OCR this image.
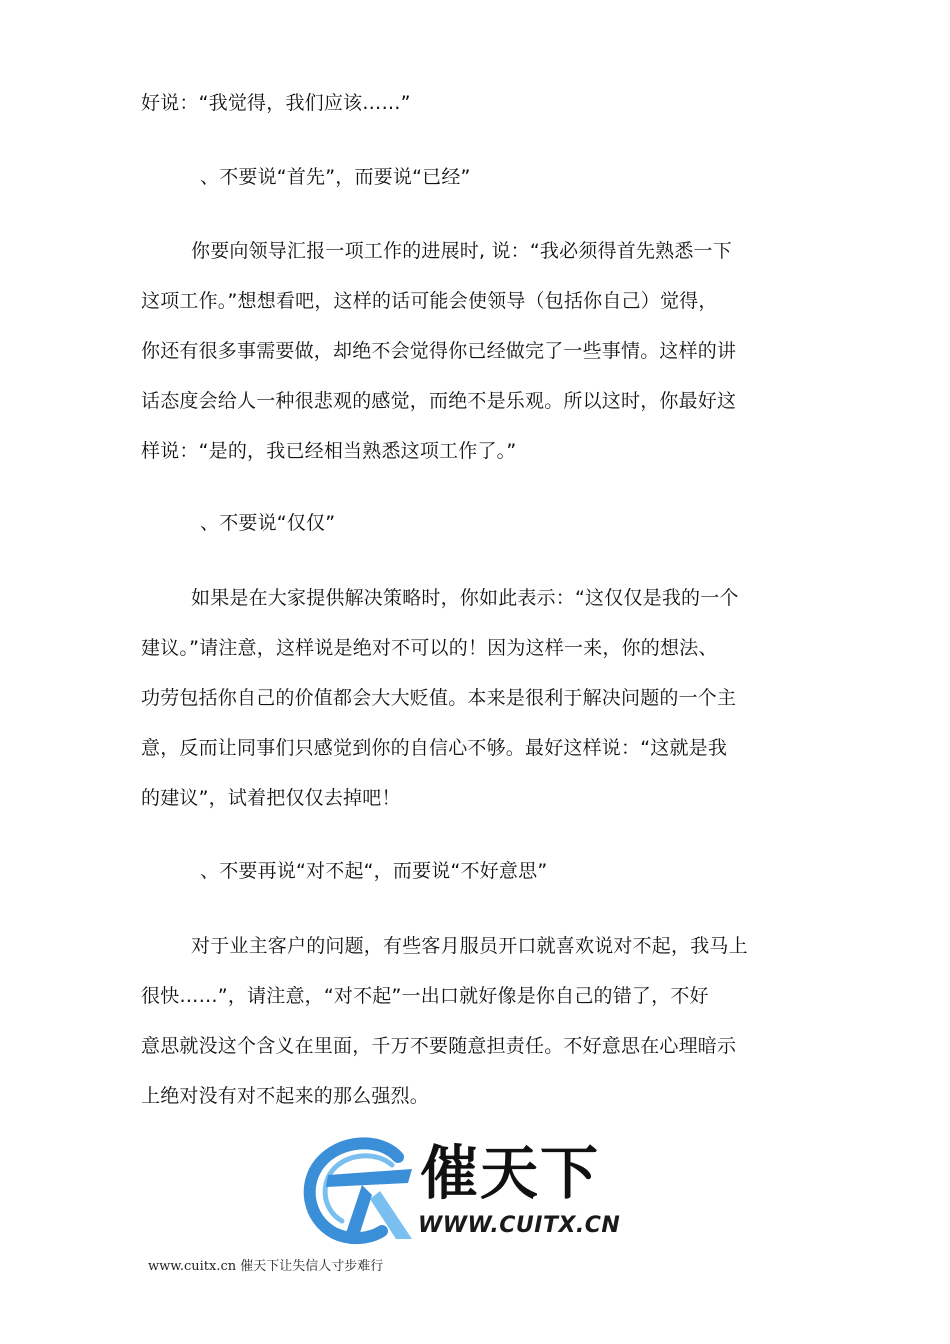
好说：“我觉得，我们应该……”
、不要说“首先”，而要说“已经”
你要向领导汇报一项工作的进展时, 说：“我必须得首先熟悉一下
这项工作。”想想看吧，这样的话可能会使领导（包括你自己）觉得，
你还有很多事需要做，却绝不会觉得你已经做完了一些事情。这样的讲
话态度会给人一种很悲观的感觉，而绝不是乐观。所以这时，你最好这
样说：“是的，我已经相当熟悉这项工作了。”
、不要说“仅仅”
如果是在大家提供解决策略时，你如此表示：“这仅仅是我的一个
建议。”请注意，这样说是绝对不可以的！因为这样一来，你的想法、
功劳包括你自己的价值都会大大贬值。本来是很利于解决问题的一个主
意，反而让同事们只感觉到你的自信心不够。最好这样说：“这就是我
的建议”，试着把仅仅去掉吧！
、不要再说“对不起“，而要说“不好意思”
对于业主客户的问题，有些客月服员开口就喜欢说对不起，我马上
很快……”，请注意，“对不起”一出口就好像是你自己的错了，不好
意思就没这个含义在里面，千万不要随意担责任。不好意思在心理暗示
上绝对没有对不起来的那么强烈。
催天下
WWW.CUITX.CN
www.cuitx.cn 催天下让失信人寸步难行
